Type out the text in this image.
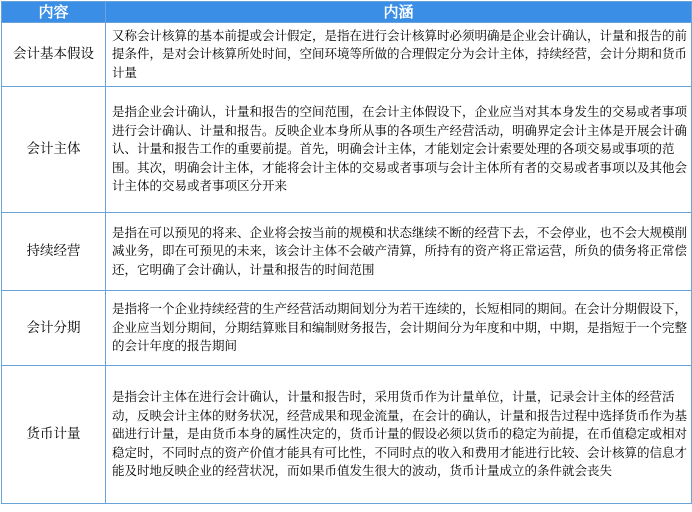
内容	内涵
会计基本假设	又称会计核算的基本前提或会计假定，是指在进行会计核算时必须明确是企业会计确认，计量和报告的前提条件，是对会计核算所处时间，空间环境等所做的合理假定分为会计主体，持续经营，会计分期和货币计量
会计主体	是指企业会计确认，计量和报告的空间范围，在会计主体假设下，企业应当对其本身发生的交易或者事项进行会计确认、计量和报告。反映企业本身所从事的各项生产经营活动，明确界定会计主体是开展会计确认、计量和报告工作的重要前提。首先，明确会计主体，才能划定会计索要处理的各项交易或事项的范围。其次，明确会计主体，才能将会计主体的交易或者事项与会计主体所有者的交易或者事项以及其他会计主体的交易或者事项区分开来
持续经营	是指在可以预见的将来、企业将会按当前的规模和状态继续不断的经营下去，不会停业，也不会大规模削减业务，即在可预见的未来，该会计主体不会破产清算，所持有的资产将正常运营，所负的债务将正常偿还，它明确了会计确认，计量和报告的时间范围
会计分期	是指将一个企业持续经营的生产经营活动期间划分为若干连续的，长短相同的期间。在会计分期假设下，企业应当划分期间，分期结算账目和编制财务报告，会计期间分为年度和中期，中期，是指短于一个完整的会计年度的报告期间
货币计量	是指会计主体在进行会计确认，计量和报告时，采用货币作为计量单位，计量，记录会计主体的经营活动，反映会计主体的财务状况，经营成果和现金流量，在会计的确认，计量和报告过程中选择货币作为基础进行计量，是由货币本身的属性决定的，货币计量的假设必须以货币的稳定为前提，在币值稳定或相对稳定时，不同时点的资产价值才能具有可比性，不同时点的收入和费用才能进行比较、会计核算的信息才能及时地反映企业的经营状况，而如果币值发生很大的波动，货币计量成立的条件就会丧失
